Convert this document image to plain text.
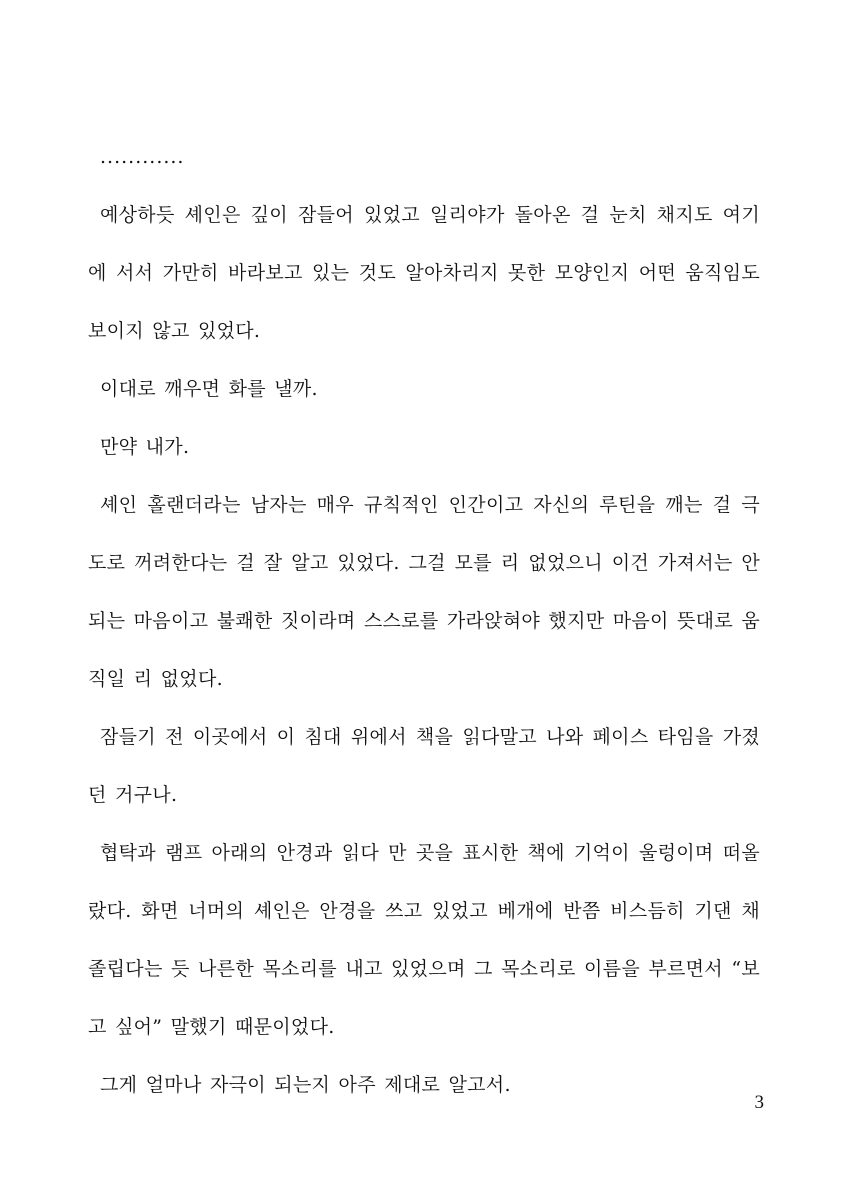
............

예상하듯 셰인은 깊이 잠들어 있었고 일리야가 돌아온 걸 눈치 채지도 여기에 서서 가만히 바라보고 있는 것도 알아차리지 못한 모양인지 어떤 움직임도 보이지 않고 있었다.

이대로 깨우면 화를 낼까.

만약 내가.

셰인 홀랜더라는 남자는 매우 규칙적인 인간이고 자신의 루틴을 깨는 걸 극도로 꺼려한다는 걸 잘 알고 있었다. 그걸 모를 리 없었으니 이건 가져서는 안 되는 마음이고 불쾌한 짓이라며 스스로를 가라앉혀야 했지만 마음이 뜻대로 움직일 리 없었다.

잠들기 전 이곳에서 이 침대 위에서 책을 읽다말고 나와 페이스 타임을 가졌던 거구나.

협탁과 램프 아래의 안경과 읽다 만 곳을 표시한 책에 기억이 울렁이며 떠올랐다. 화면 너머의 셰인은 안경을 쓰고 있었고 베개에 반쯤 비스듬히 기댄 채 졸립다는 듯 나른한 목소리를 내고 있었으며 그 목소리로 이름을 부르면서 “보고 싶어” 말했기 때문이었다.

그게 얼마나 자극이 되는지 아주 제대로 알고서.

3
